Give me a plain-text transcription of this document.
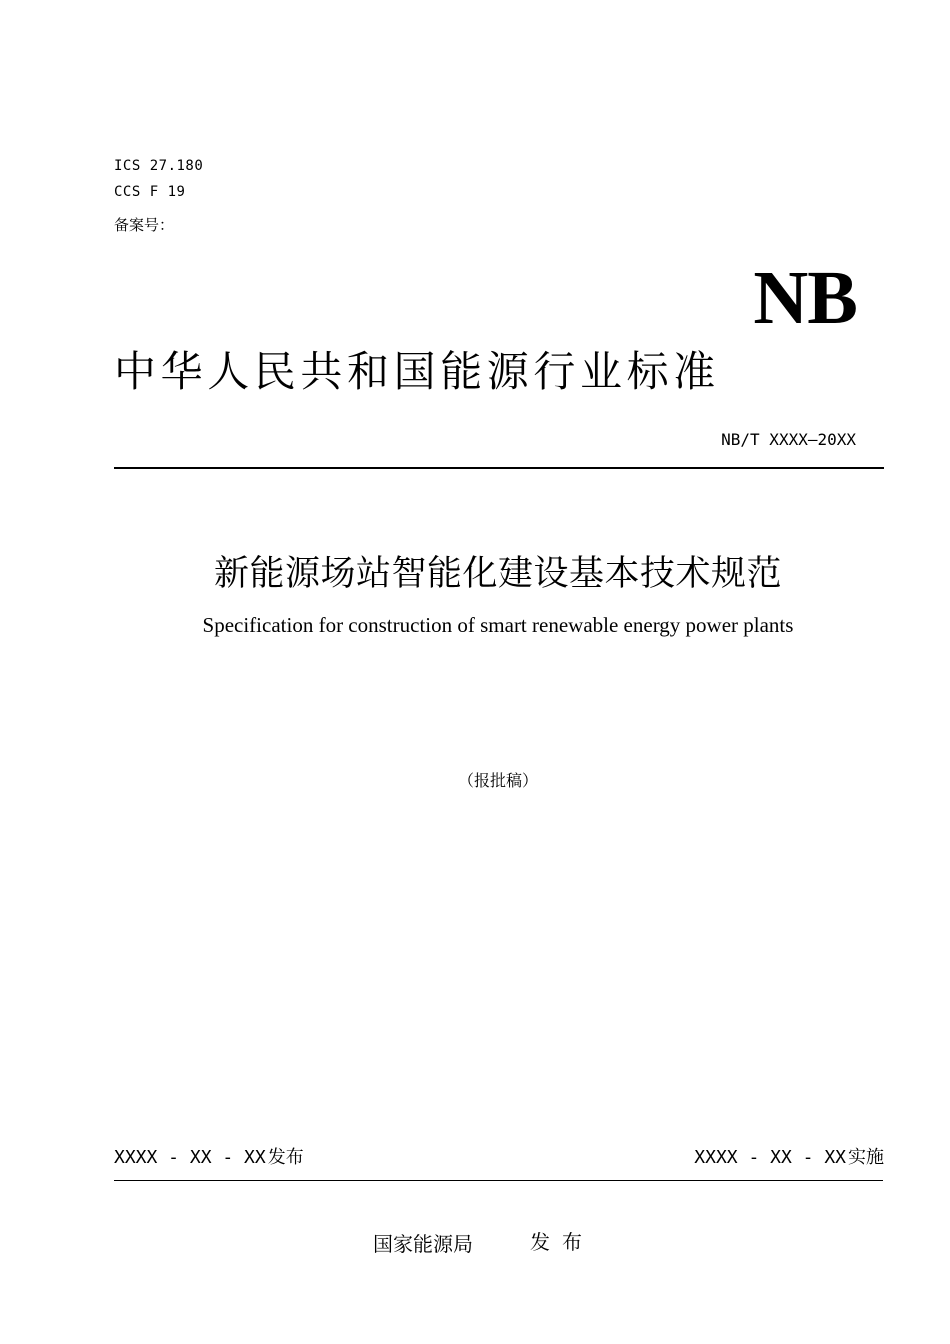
ICS 27.180
CCS F 19
备案号：
NB
中华人民共和国能源行业标准
NB/T XXXX—20XX
新能源场站智能化建设基本技术规范
Specification for construction of smart renewable energy power plants
（报批稿）
XXXX - XX - XX 发布	XXXX - XX - XX 实施
国家能源局	发布
